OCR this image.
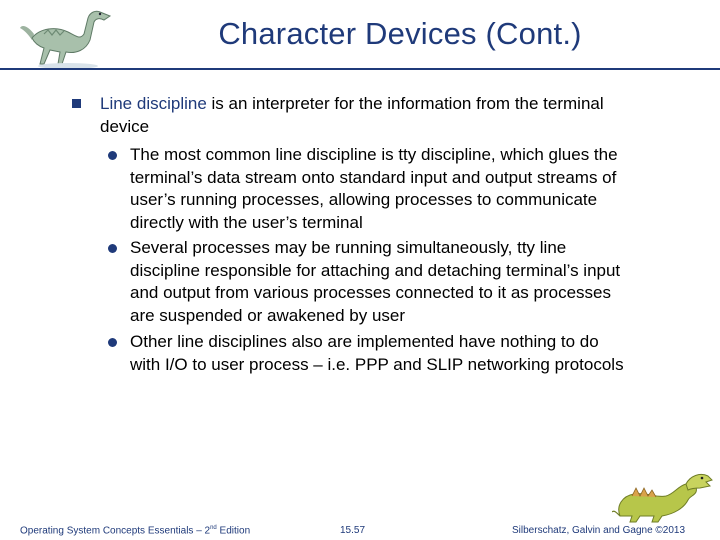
Character Devices (Cont.)
Line discipline is an interpreter for the information from the terminal device
The most common line discipline is tty discipline, which glues the terminal’s data stream onto standard input and output streams of user’s running processes, allowing processes to communicate directly with the user’s terminal
Several processes may be running simultaneously, tty line discipline responsible for attaching and detaching terminal’s input and output from various processes connected to it as processes are suspended or awakened by user
Other line disciplines also are implemented have nothing to do with I/O to user process – i.e. PPP and SLIP networking protocols
Operating System Concepts Essentials – 2nd Edition	15.57	Silberschatz, Galvin and Gagne ©2013
